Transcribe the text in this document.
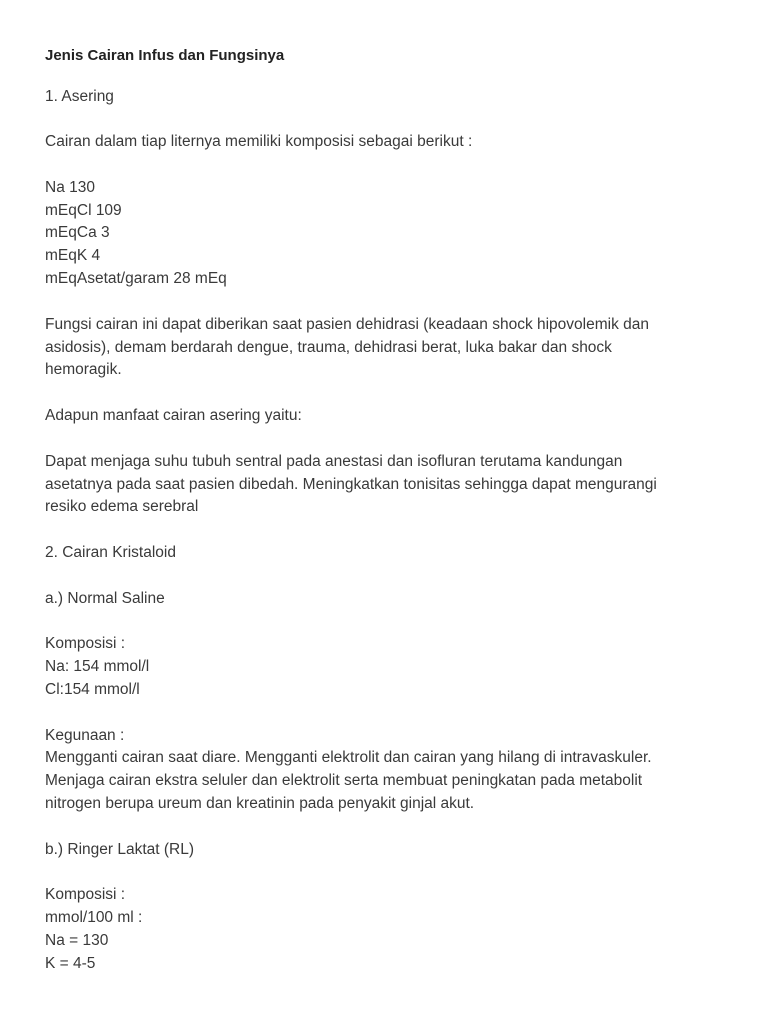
Jenis Cairan Infus dan Fungsinya
1. Asering
Cairan dalam tiap liternya memiliki komposisi sebagai berikut :
Na 130
mEqCl 109
mEqCa 3
mEqK 4
mEqAsetat/garam 28 mEq
Fungsi cairan ini dapat diberikan saat pasien dehidrasi (keadaan shock hipovolemik dan
asidosis), demam berdarah dengue, trauma, dehidrasi berat, luka bakar dan shock
hemoragik.
Adapun manfaat cairan asering yaitu:
Dapat menjaga suhu tubuh sentral pada anestasi dan isofluran terutama kandungan
asetatnya pada saat pasien dibedah. Meningkatkan tonisitas sehingga dapat mengurangi
resiko edema serebral
2. Cairan Kristaloid
a.) Normal Saline
Komposisi :
Na: 154 mmol/l
Cl:154 mmol/l
Kegunaan :
Mengganti cairan saat diare. Mengganti elektrolit dan cairan yang hilang di intravaskuler.
Menjaga cairan ekstra seluler dan elektrolit serta membuat peningkatan pada metabolit
nitrogen berupa ureum dan kreatinin pada penyakit ginjal akut.
b.) Ringer Laktat (RL)
Komposisi :
mmol/100 ml :
Na = 130
K = 4-5
